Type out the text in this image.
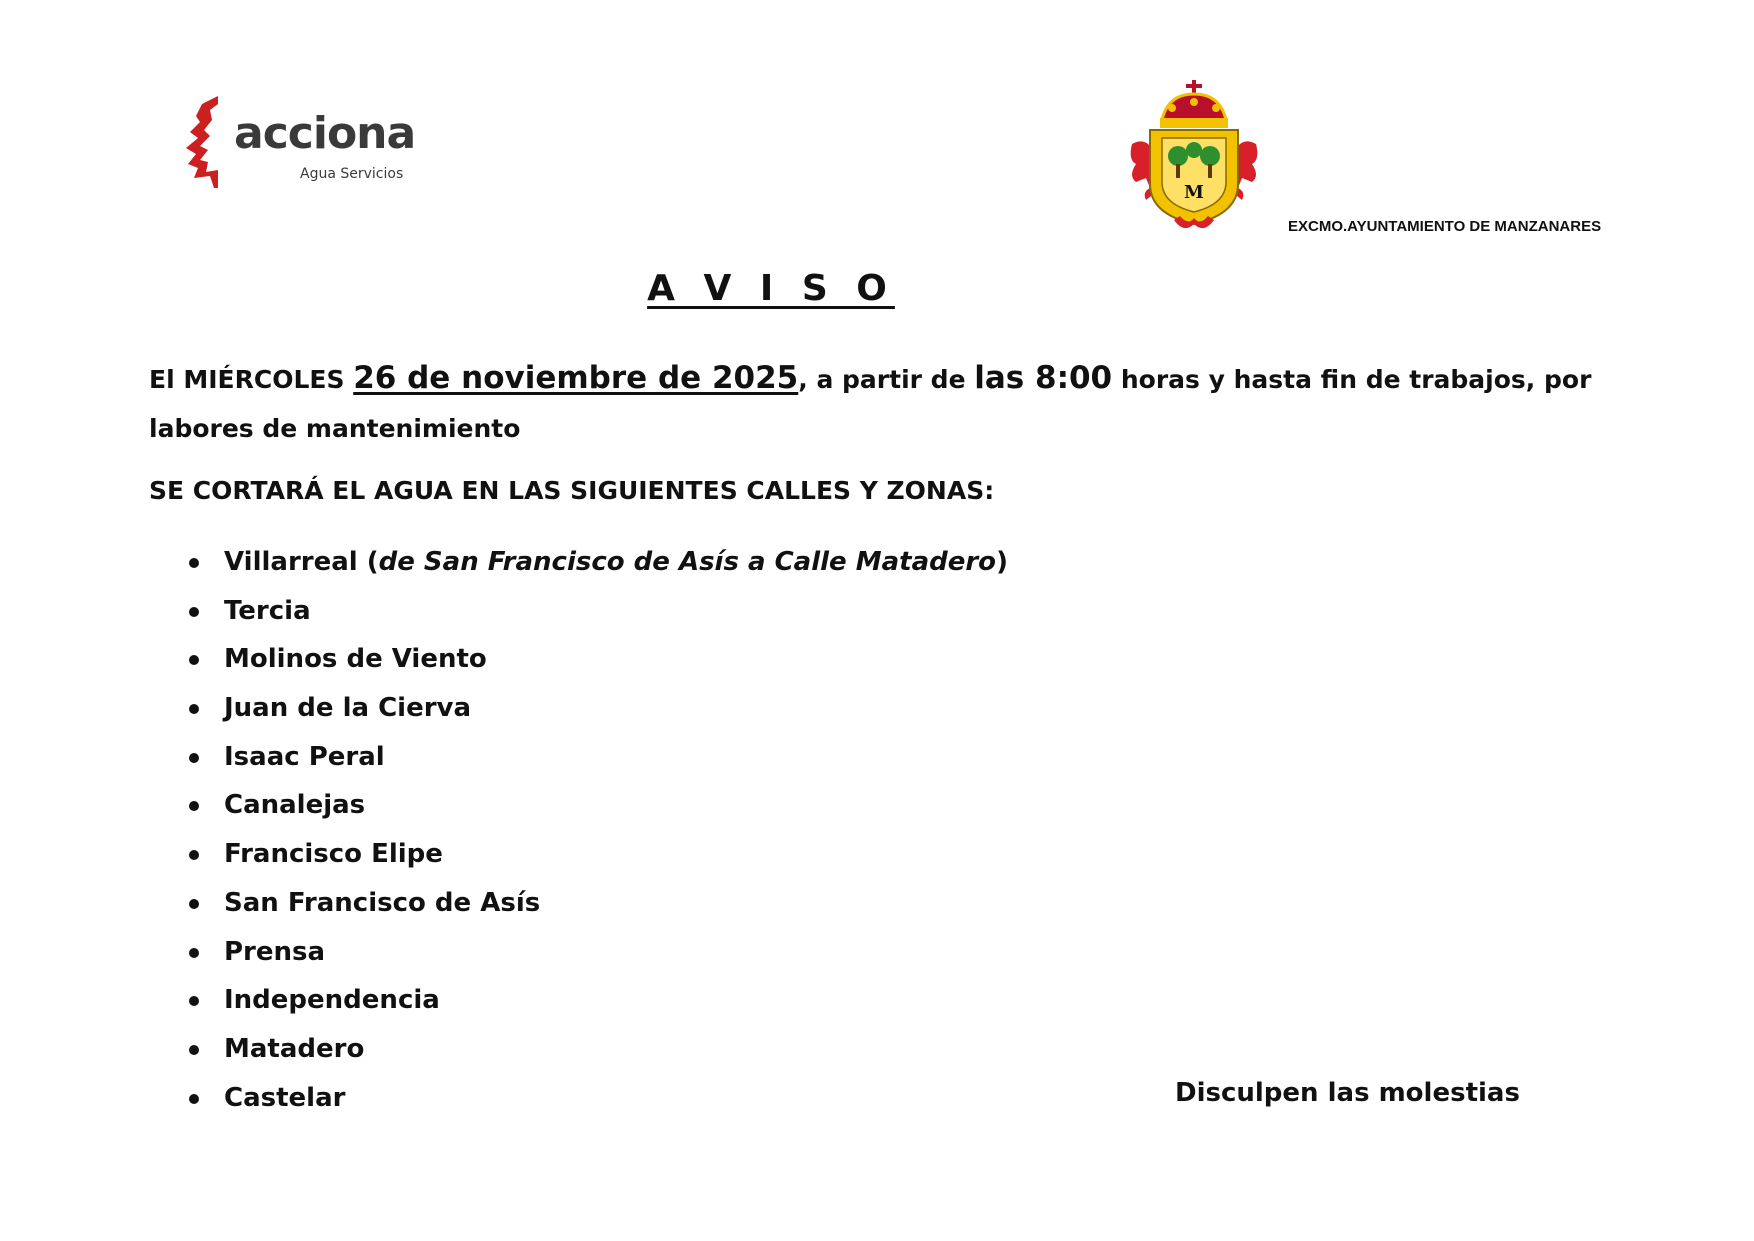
acciona
Agua Servicios
M
EXCMO.AYUNTAMIENTO DE MANZANARES
A V I S O

El MIÉRCOLES 26 de noviembre de 2025, a partir de las 8:00 horas y hasta fin de trabajos, por labores de mantenimiento

SE CORTARÁ EL AGUA EN LAS SIGUIENTES CALLES Y ZONAS:

Villarreal (de San Francisco de Asís a Calle Matadero)
Tercia
Molinos de Viento
Juan de la Cierva
Isaac Peral
Canalejas
Francisco Elipe
San Francisco de Asís
Prensa
Independencia
Matadero
Castelar	Disculpen las molestias
